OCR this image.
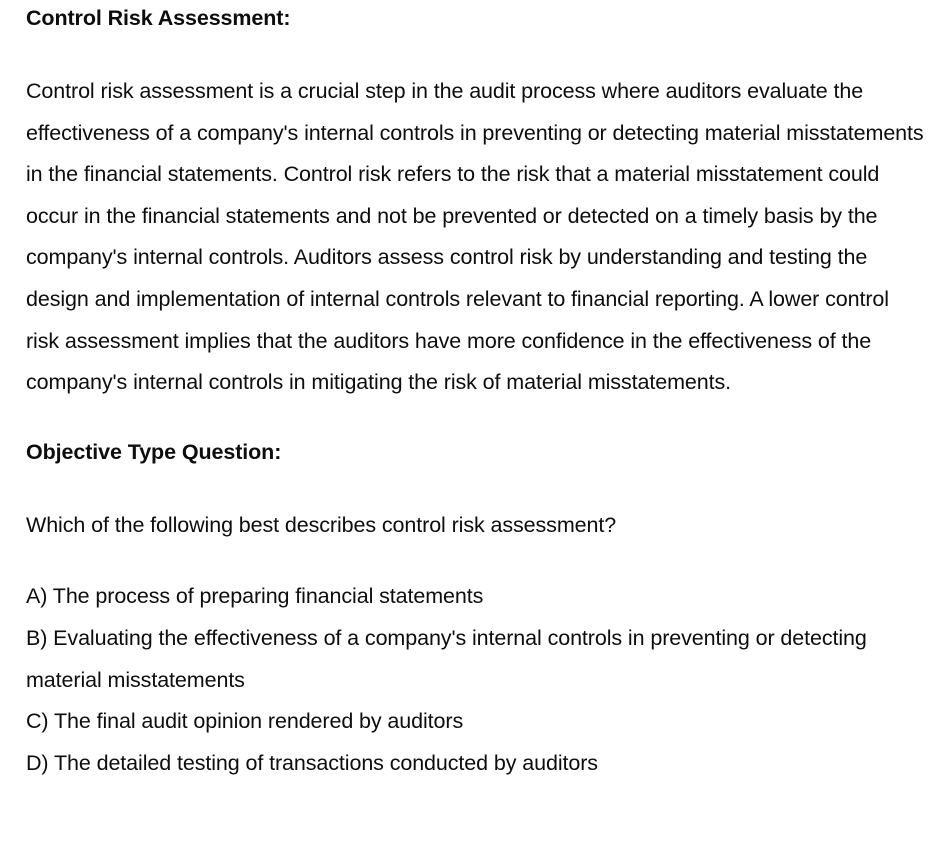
Control Risk Assessment:

Control risk assessment is a crucial step in the audit process where auditors evaluate the effectiveness of a company's internal controls in preventing or detecting material misstatements in the financial statements. Control risk refers to the risk that a material misstatement could occur in the financial statements and not be prevented or detected on a timely basis by the company's internal controls. Auditors assess control risk by understanding and testing the design and implementation of internal controls relevant to financial reporting. A lower control risk assessment implies that the auditors have more confidence in the effectiveness of the company's internal controls in mitigating the risk of material misstatements.

Objective Type Question:

Which of the following best describes control risk assessment?

A) The process of preparing financial statements

B) Evaluating the effectiveness of a company's internal controls in preventing or detecting material misstatements

C) The final audit opinion rendered by auditors

D) The detailed testing of transactions conducted by auditors
